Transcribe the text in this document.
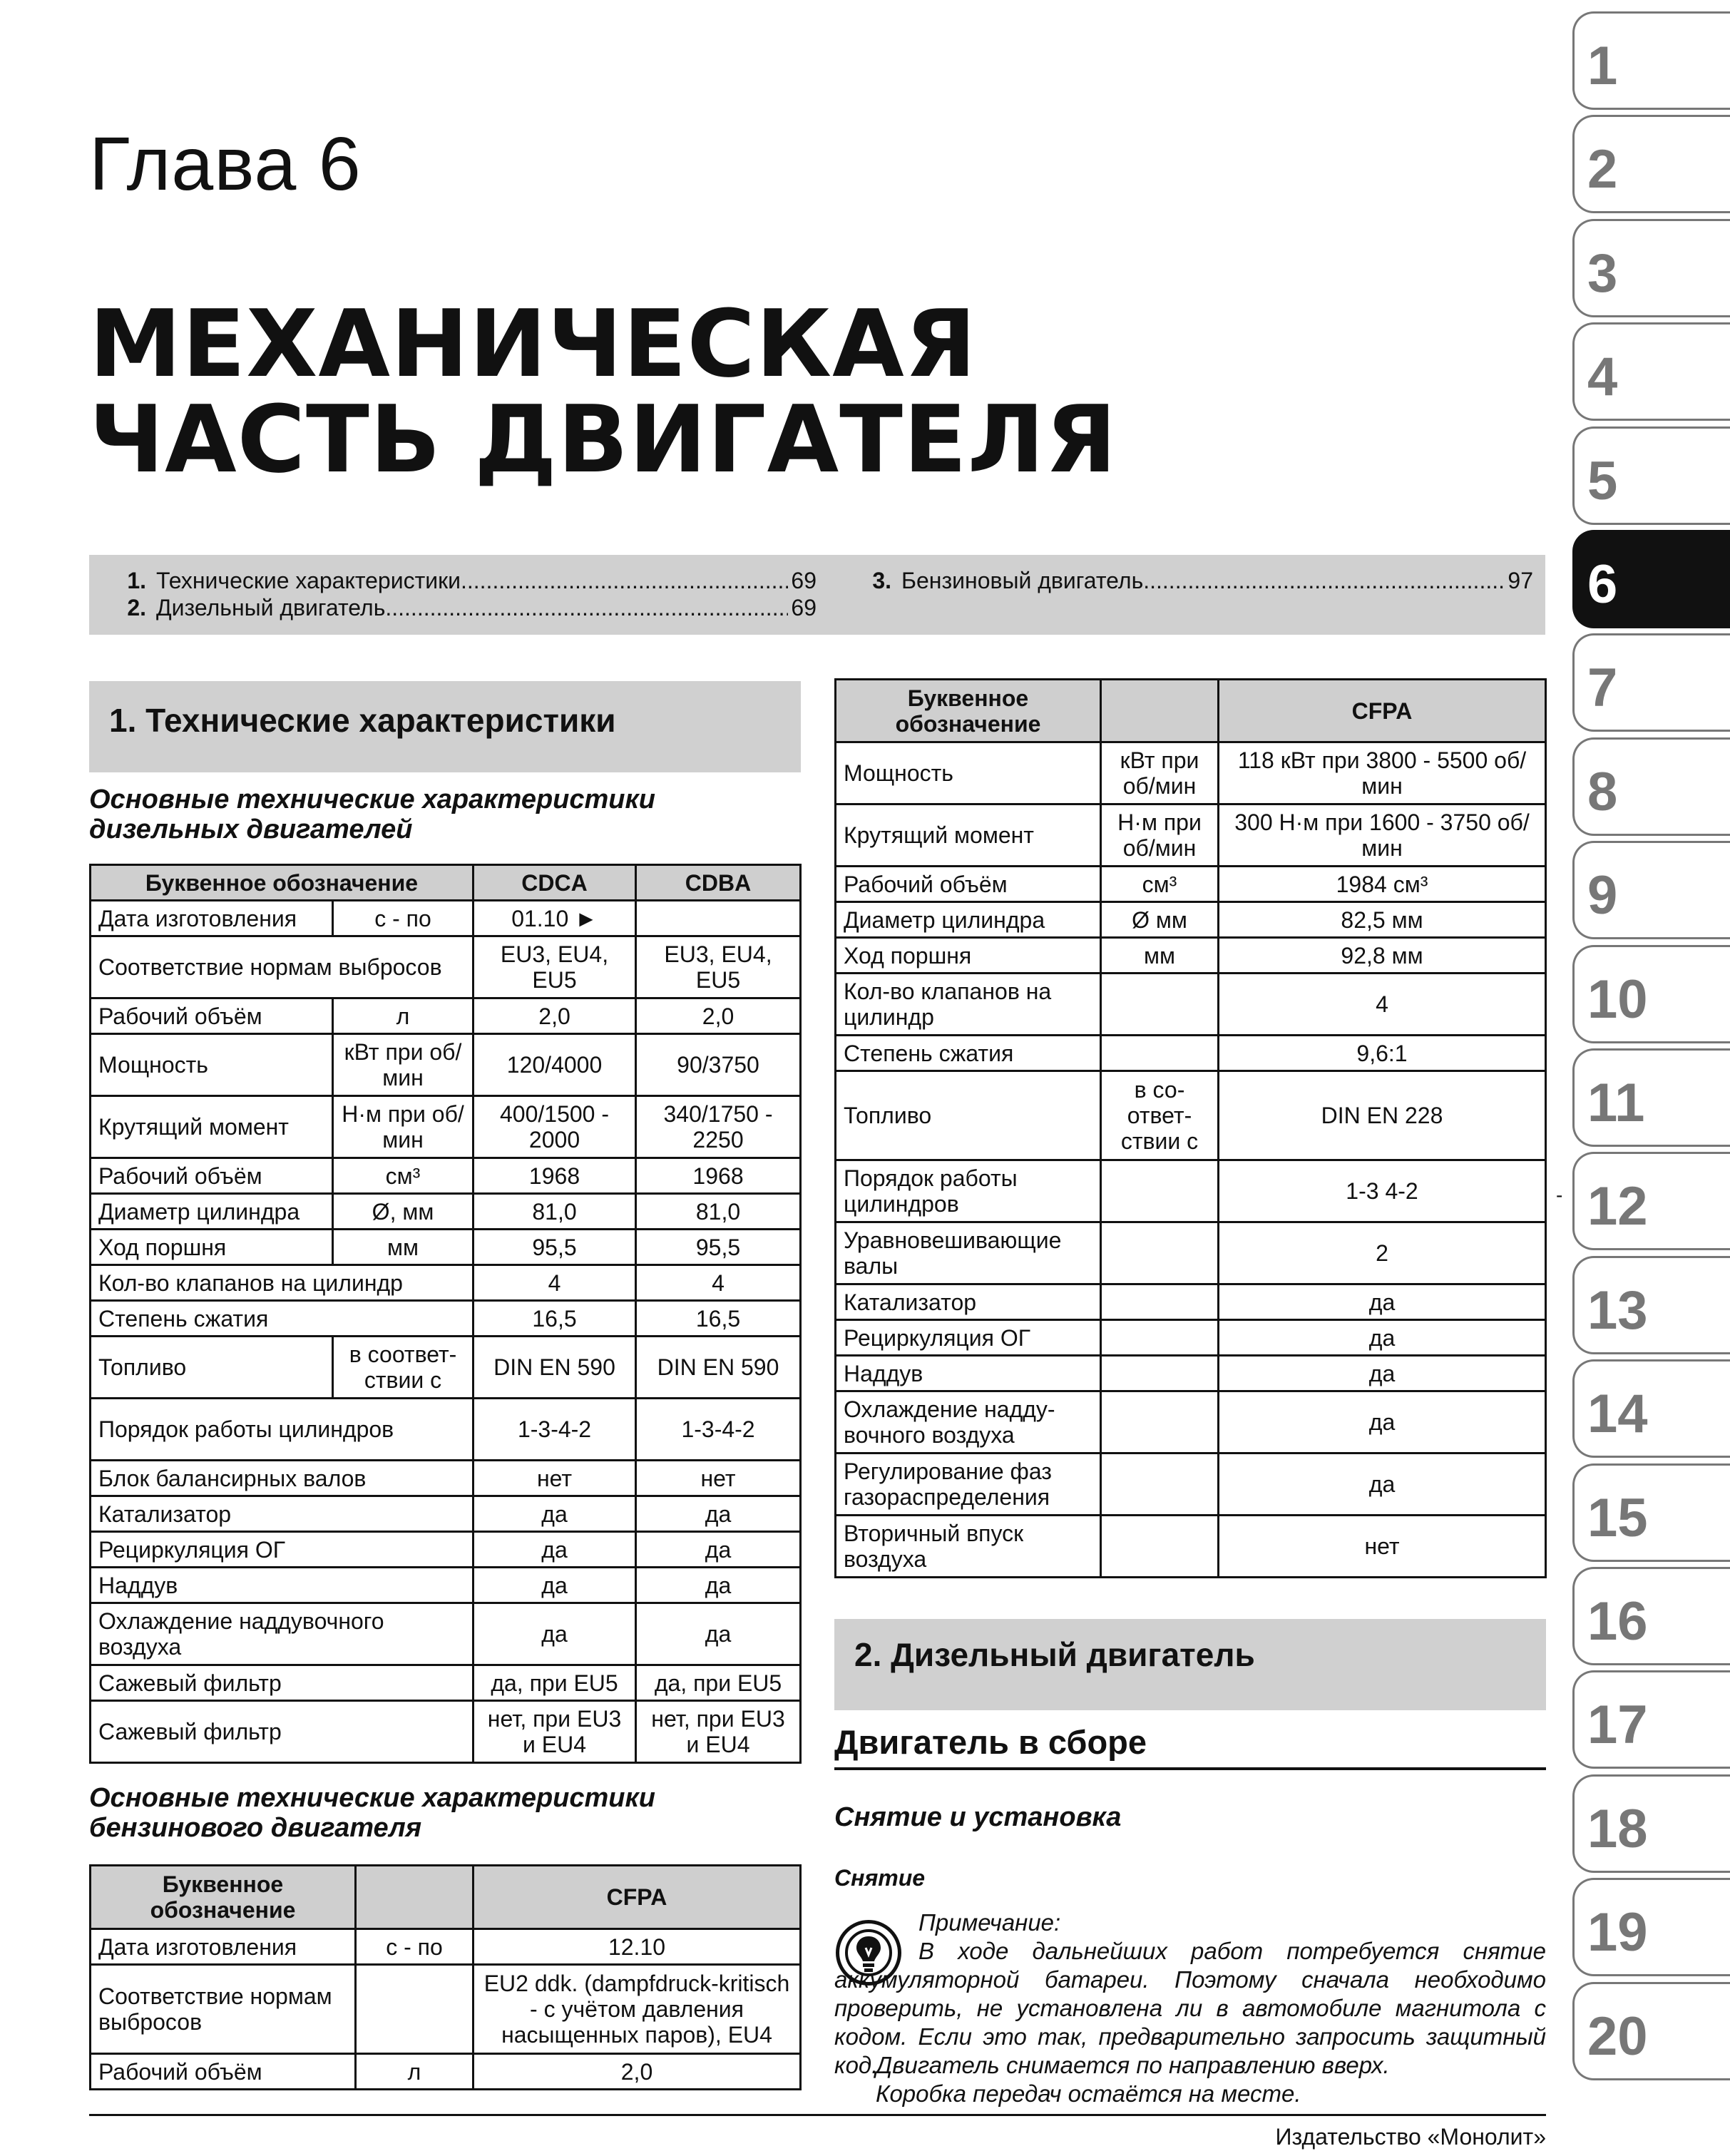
Глава 6
МЕХАНИЧЕСКАЯ
ЧАСТЬ ДВИГАТЕЛЯ
1. Технические характеристики .....	69
2. Дизельный двигатель .....	69
3. Бензиновый двигатель .....	97
1. Технические характеристики
Основные технические характеристики дизельных двигателей
Буквенное обозначение		CDCA	CDBA
Дата изготовления	с - по	01.10 ►	
Соответствие нормам выбросов		EU3, EU4, EU5	EU3, EU4, EU5
Рабочий объём	л	2,0	2,0
Мощность	кВт при об/мин	120/4000	90/3750
Крутящий момент	Н·м при об/мин	400/1500 - 2000	340/1750 - 2250
Рабочий объём	см³	1968	1968
Диаметр цилиндра	Ø, мм	81,0	81,0
Ход поршня	мм	95,5	95,5
Кол-во клапанов на цилиндр		4	4
Степень сжатия		16,5	16,5
Топливо	в соответ-ствии с	DIN EN 590	DIN EN 590
Порядок работы цилиндров		1-3-4-2	1-3-4-2
Блок балансирных валов		нет	нет
Катализатор		да	да
Рециркуляция ОГ		да	да
Наддув		да	да
Охлаждение наддувочного воздуха		да	да
Сажевый фильтр		да, при EU5	да, при EU5
Сажевый фильтр		нет, при EU3 и EU4	нет, при EU3 и EU4
Основные технические характеристики бензинового двигателя
Буквенное обозначение		CFPA
Дата изготовления	с - по	12.10
Соответствие нормам выбросов		EU2 ddk. (dampfdruck-kritisch - с учётом давления насыщенных паров), EU4
Рабочий объём	л	2,0
Буквенное обозначение		CFPA
Мощность	кВт при об/мин	118 кВт при 3800 - 5500 об/мин
Крутящий момент	Н·м при об/мин	300 Н·м при 1600 - 3750 об/мин
Рабочий объём	см³	1984 см³
Диаметр цилиндра	Ø мм	82,5 мм
Ход поршня	мм	92,8 мм
Кол-во клапанов на цилиндр		4
Степень сжатия		9,6:1
Топливо	в со-ответ-ствии с	DIN EN 228
Порядок работы цилиндров		1-3 4-2
Уравновешивающие валы		2
Катализатор		да
Рециркуляция ОГ		да
Наддув		да
Охлаждение надду-вочного воздуха		да
Регулирование фаз газораспределения		да
Вторичный впуск воздуха		нет
-
2. Дизельный двигатель
Двигатель в сборе
Снятие и установка
Снятие
Примечание:
В ходе дальнейших работ потребуется снятие аккумуляторной батареи. Поэтому сначала необходимо проверить, не установлена ли в автомобиле магнитола с кодом. Если это так, предварительно запросить защитный код.
Двигатель снимается по направлению вверх.
Коробка передач остаётся на месте.
Издательство «Монолит»
1
2
3
4
5
6
7
8
9
10
11
12
13
14
15
16
17
18
19
20
